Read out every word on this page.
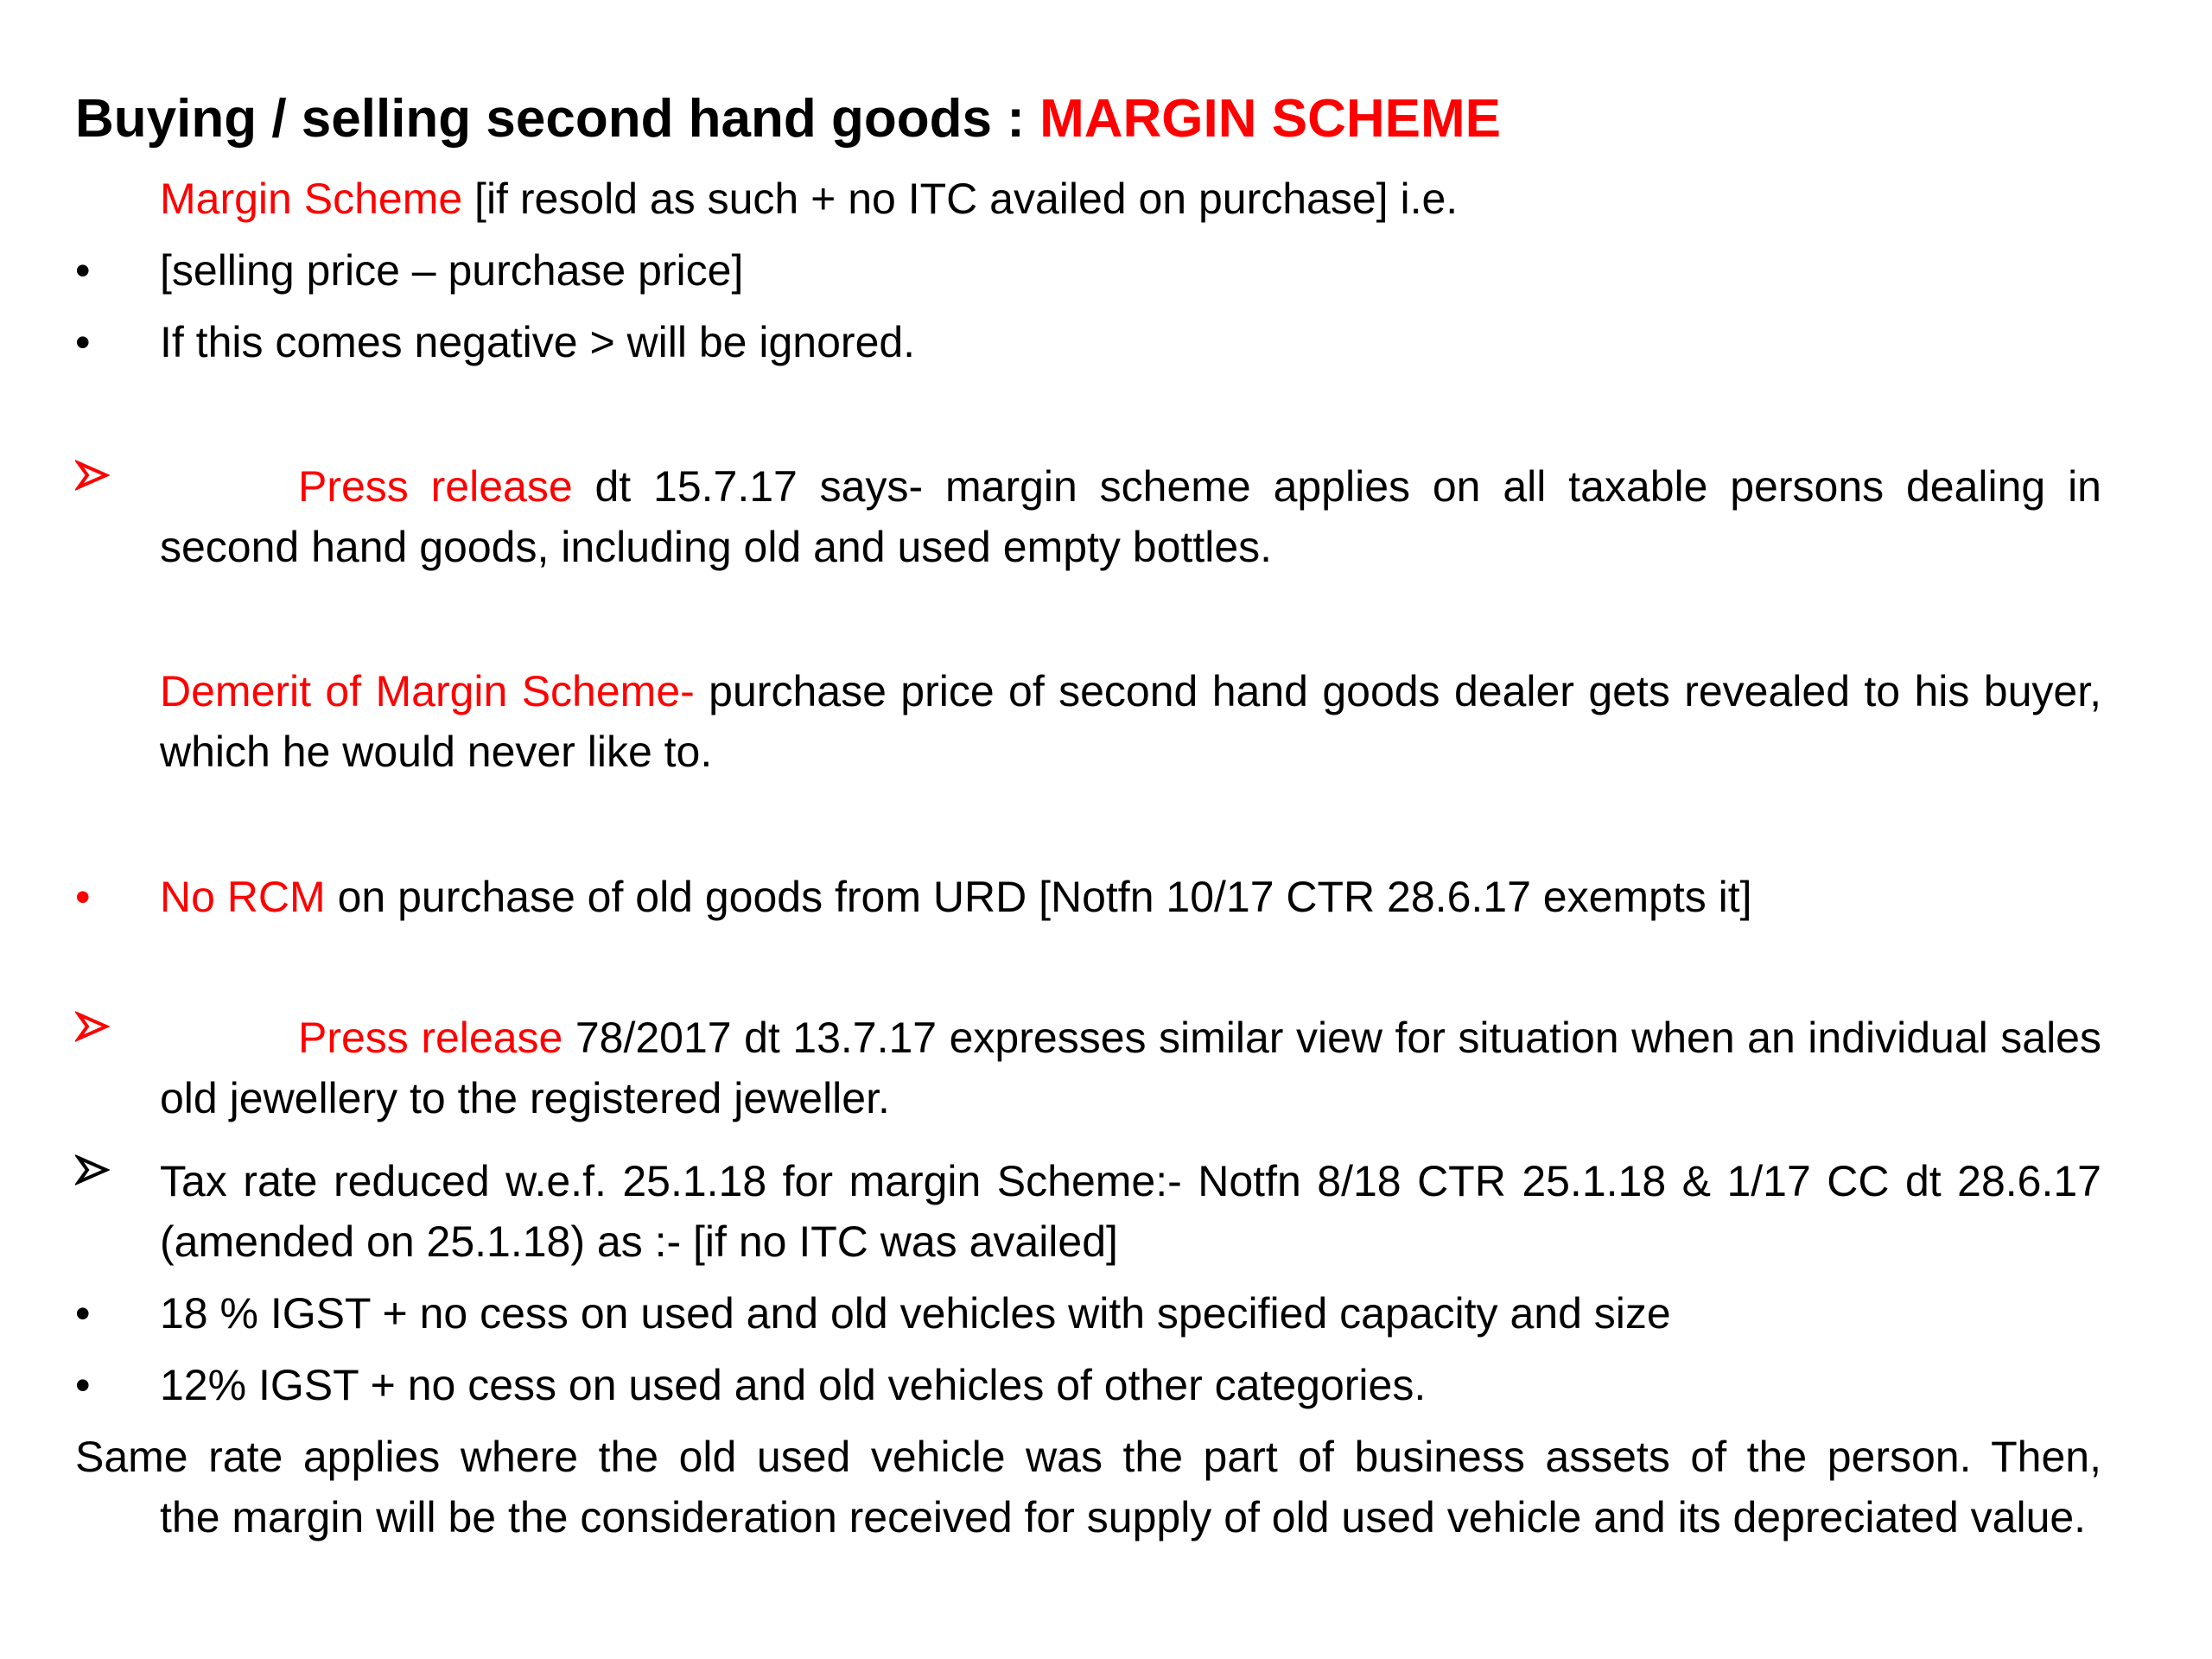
Buying / selling second hand goods : MARGIN SCHEME
Margin Scheme [if resold as such + no ITC availed on purchase] i.e.
•	[selling price – purchase price]
•	If this comes negative > will be ignored.
Press release dt 15.7.17 says- margin scheme applies on all taxable persons dealing in second hand goods, including old and used empty bottles.
Demerit of Margin Scheme- purchase price of second hand goods dealer gets revealed to his buyer, which he would never like to.
•	No RCM on purchase of old goods from URD [Notfn 10/17 CTR 28.6.17 exempts it]
Press release 78/2017 dt 13.7.17 expresses similar view for situation when an individual sales old jewellery to the registered jeweller.
Tax rate reduced w.e.f. 25.1.18 for margin Scheme:- Notfn 8/18 CTR 25.1.18 & 1/17 CC dt 28.6.17 (amended on 25.1.18) as :- [if no ITC was availed]
•	18 % IGST + no cess on used and old vehicles with specified capacity and size
•	12% IGST + no cess on used and old vehicles of other categories.
Same rate applies where the old used vehicle was the part of business assets of the person. Then,
the margin will be the consideration received for supply of old used vehicle and its depreciated value.
